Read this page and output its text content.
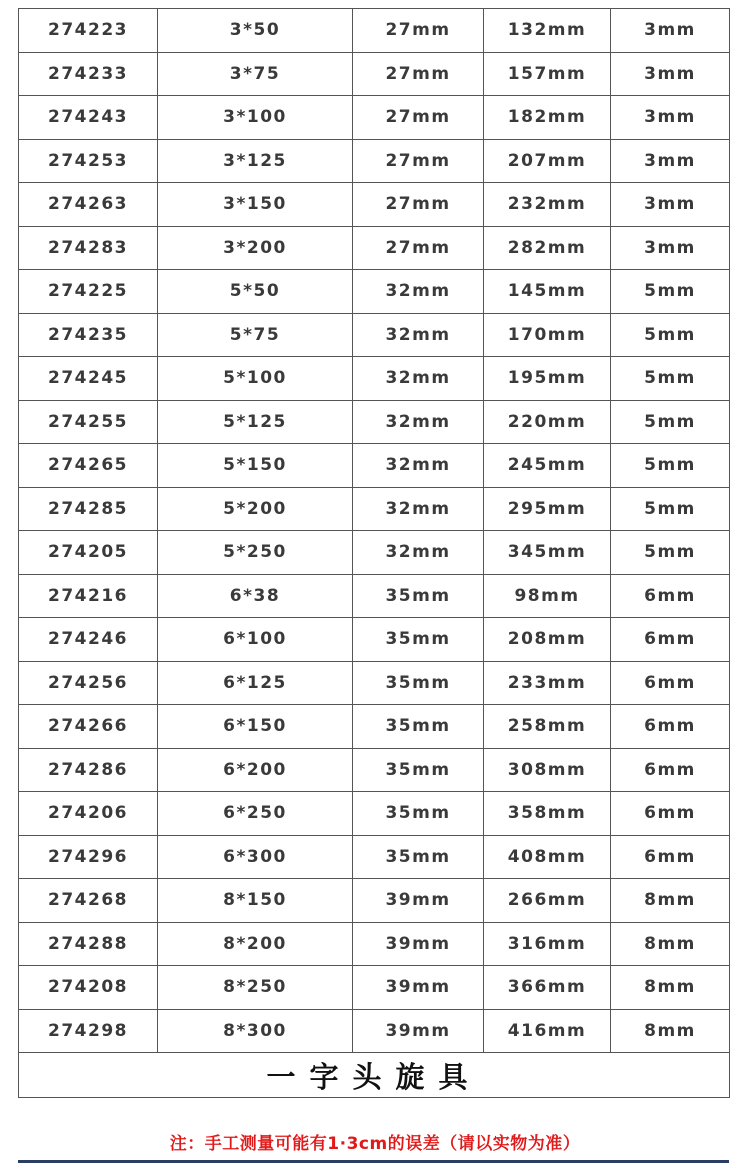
274223	3*50	27mm	132mm	3mm
274233	3*75	27mm	157mm	3mm
274243	3*100	27mm	182mm	3mm
274253	3*125	27mm	207mm	3mm
274263	3*150	27mm	232mm	3mm
274283	3*200	27mm	282mm	3mm
274225	5*50	32mm	145mm	5mm
274235	5*75	32mm	170mm	5mm
274245	5*100	32mm	195mm	5mm
274255	5*125	32mm	220mm	5mm
274265	5*150	32mm	245mm	5mm
274285	5*200	32mm	295mm	5mm
274205	5*250	32mm	345mm	5mm
274216	6*38	35mm	98mm	6mm
274246	6*100	35mm	208mm	6mm
274256	6*125	35mm	233mm	6mm
274266	6*150	35mm	258mm	6mm
274286	6*200	35mm	308mm	6mm
274206	6*250	35mm	358mm	6mm
274296	6*300	35mm	408mm	6mm
274268	8*150	39mm	266mm	8mm
274288	8*200	39mm	316mm	8mm
274208	8*250	39mm	366mm	8mm
274298	8*300	39mm	416mm	8mm
一字头旋具				
注：手工测量可能有1·3cm的误差（请以实物为准）
